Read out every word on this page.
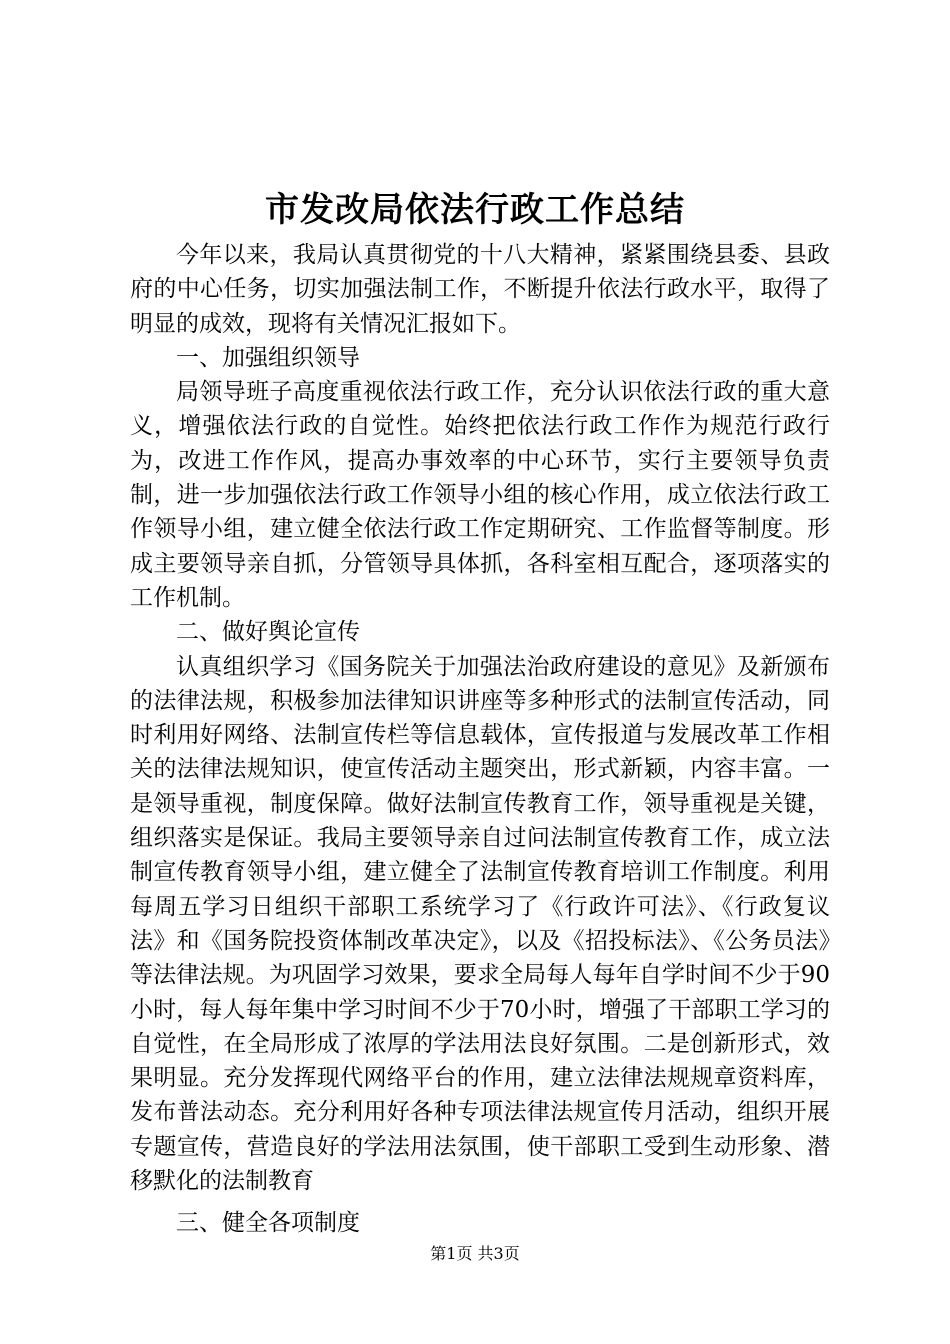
市发改局依法行政工作总结

今年以来，我局认真贯彻党的十八大精神，紧紧围绕县委、县政府的中心任务，切实加强法制工作，不断提升依法行政水平，取得了明显的成效，现将有关情况汇报如下。

一、加强组织领导

局领导班子高度重视依法行政工作，充分认识依法行政的重大意义，增强依法行政的自觉性。始终把依法行政工作作为规范行政行为，改进工作作风，提高办事效率的中心环节，实行主要领导负责制，进一步加强依法行政工作领导小组的核心作用，成立依法行政工作领导小组，建立健全依法行政工作定期研究、工作监督等制度。形成主要领导亲自抓，分管领导具体抓，各科室相互配合，逐项落实的工作机制。

二、做好舆论宣传

认真组织学习《国务院关于加强法治政府建设的意见》及新颁布的法律法规，积极参加法律知识讲座等多种形式的法制宣传活动，同时利用好网络、法制宣传栏等信息载体，宣传报道与发展改革工作相关的法律法规知识，使宣传活动主题突出，形式新颖，内容丰富。一是领导重视，制度保障。做好法制宣传教育工作，领导重视是关键，组织落实是保证。我局主要领导亲自过问法制宣传教育工作，成立法制宣传教育领导小组，建立健全了法制宣传教育培训工作制度。利用每周五学习日组织干部职工系统学习了《行政许可法》、《行政复议法》和《国务院投资体制改革决定》，以及《招投标法》、《公务员法》等法律法规。为巩固学习效果，要求全局每人每年自学时间不少于90小时，每人每年集中学习时间不少于70小时，增强了干部职工学习的自觉性，在全局形成了浓厚的学法用法良好氛围。二是创新形式，效果明显。充分发挥现代网络平台的作用，建立法律法规规章资料库，发布普法动态。充分利用好各种专项法律法规宣传月活动，组织开展专题宣传，营造良好的学法用法氛围，使干部职工受到生动形象、潜移默化的法制教育

三、健全各项制度

第1页 共3页
